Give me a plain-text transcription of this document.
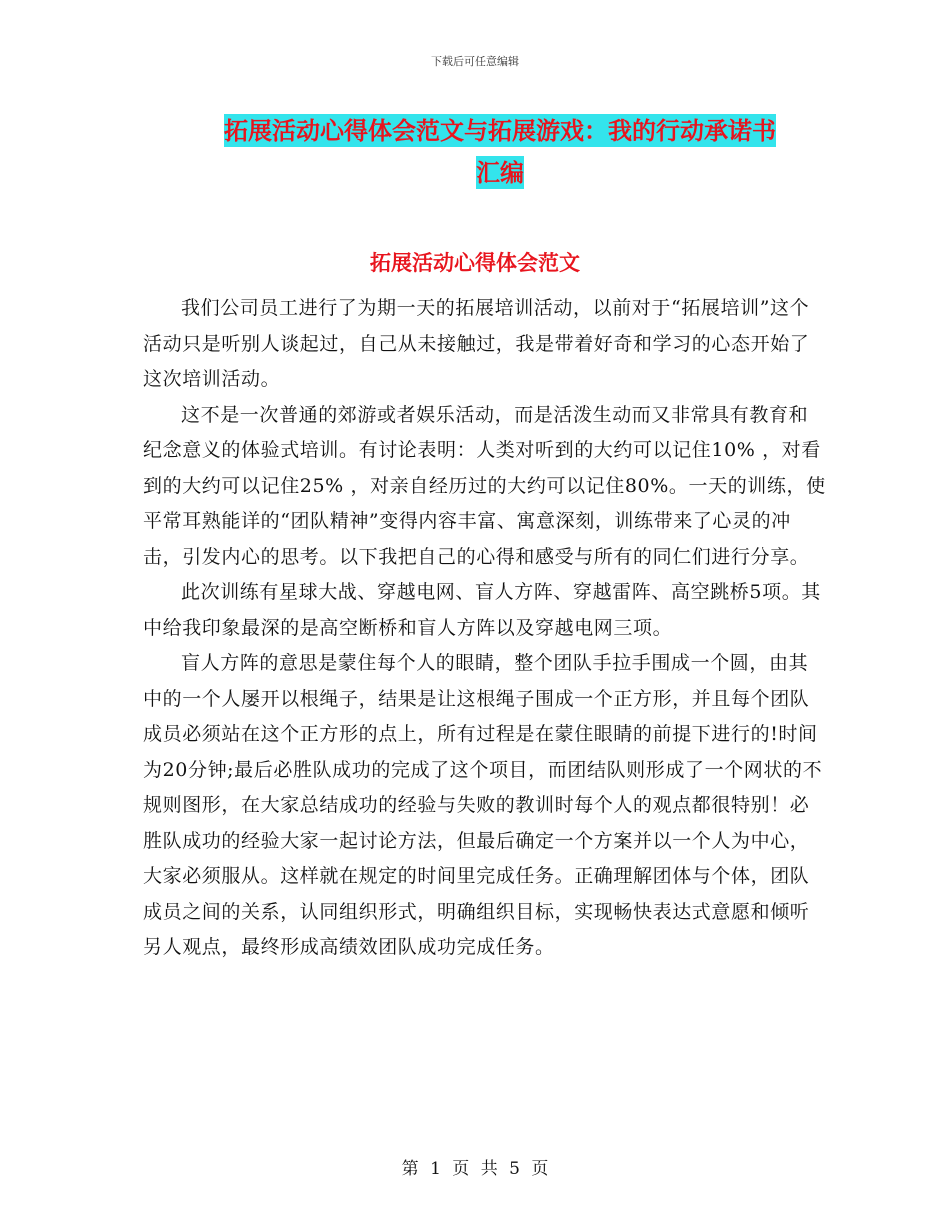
下载后可任意编辑
拓展活动心得体会范文与拓展游戏：我的行动承诺书
汇编
拓展活动心得体会范文

我们公司员工进行了为期一天的拓展培训活动，以前对于“拓展培训”这个活动只是听别人谈起过，自己从未接触过，我是带着好奇和学习的心态开始了这次培训活动。

这不是一次普通的郊游或者娱乐活动，而是活泼生动而又非常具有教育和纪念意义的体验式培训。有讨论表明：人类对听到的大约可以记住10% ，对看到的大约可以记住25% ，对亲自经历过的大约可以记住80%。一天的训练，使平常耳熟能详的“团队精神”变得内容丰富、寓意深刻，训练带来了心灵的冲击，引发内心的思考。以下我把自己的心得和感受与所有的同仁们进行分享。

此次训练有星球大战、穿越电网、盲人方阵、穿越雷阵、高空跳桥5项。其中给我印象最深的是高空断桥和盲人方阵以及穿越电网三项。

盲人方阵的意思是蒙住每个人的眼睛，整个团队手拉手围成一个圆，由其中的一个人屡开以根绳子，结果是让这根绳子围成一个正方形，并且每个团队成员必须站在这个正方形的点上，所有过程是在蒙住眼睛的前提下进行的!时间为20分钟;最后必胜队成功的完成了这个项目，而团结队则形成了一个网状的不规则图形，在大家总结成功的经验与失败的教训时每个人的观点都很特别！必胜队成功的经验大家一起讨论方法，但最后确定一个方案并以一个人为中心，大家必须服从。这样就在规定的时间里完成任务。正确理解团体与个体，团队成员之间的关系，认同组织形式，明确组织目标，实现畅快表达式意愿和倾听另人观点，最终形成高绩效团队成功完成任务。

第 1 页 共 5 页
